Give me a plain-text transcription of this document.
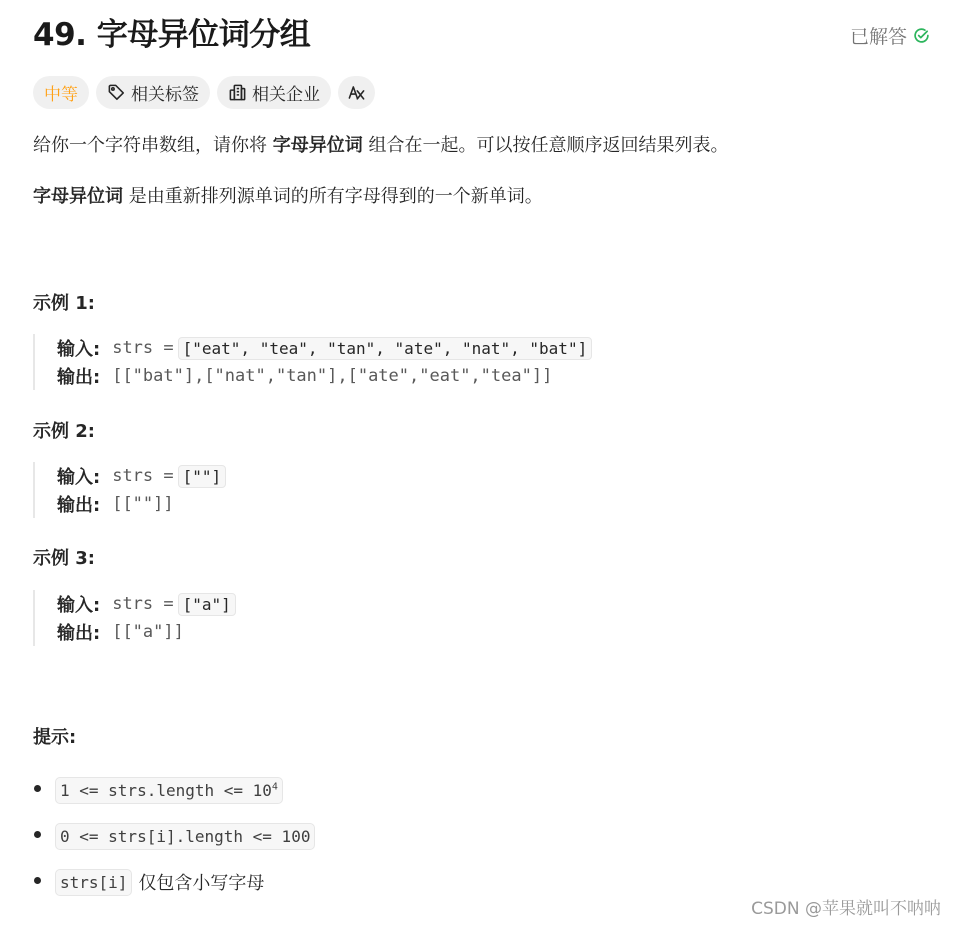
49. 字母异位词分组	已解答
中等	相关标签	相关企业
给你一个字符串数组，请你将 字母异位词 组合在一起。可以按任意顺序返回结果列表。
字母异位词 是由重新排列源单词的所有字母得到的一个新单词。
示例 1:
输入: strs = ["eat", "tea", "tan", "ate", "nat", "bat"]
输出: [["bat"],["nat","tan"],["ate","eat","tea"]]
示例 2:
输入: strs = [""]
输出: [[""]]
示例 3:
输入: strs = ["a"]
输出: [["a"]]
提示:
1 <= strs.length <= $10^4$
0 <= strs[i].length <= 100
strs[i] 仅包含小写字母
CSDN @苹果就叫不呐呐
